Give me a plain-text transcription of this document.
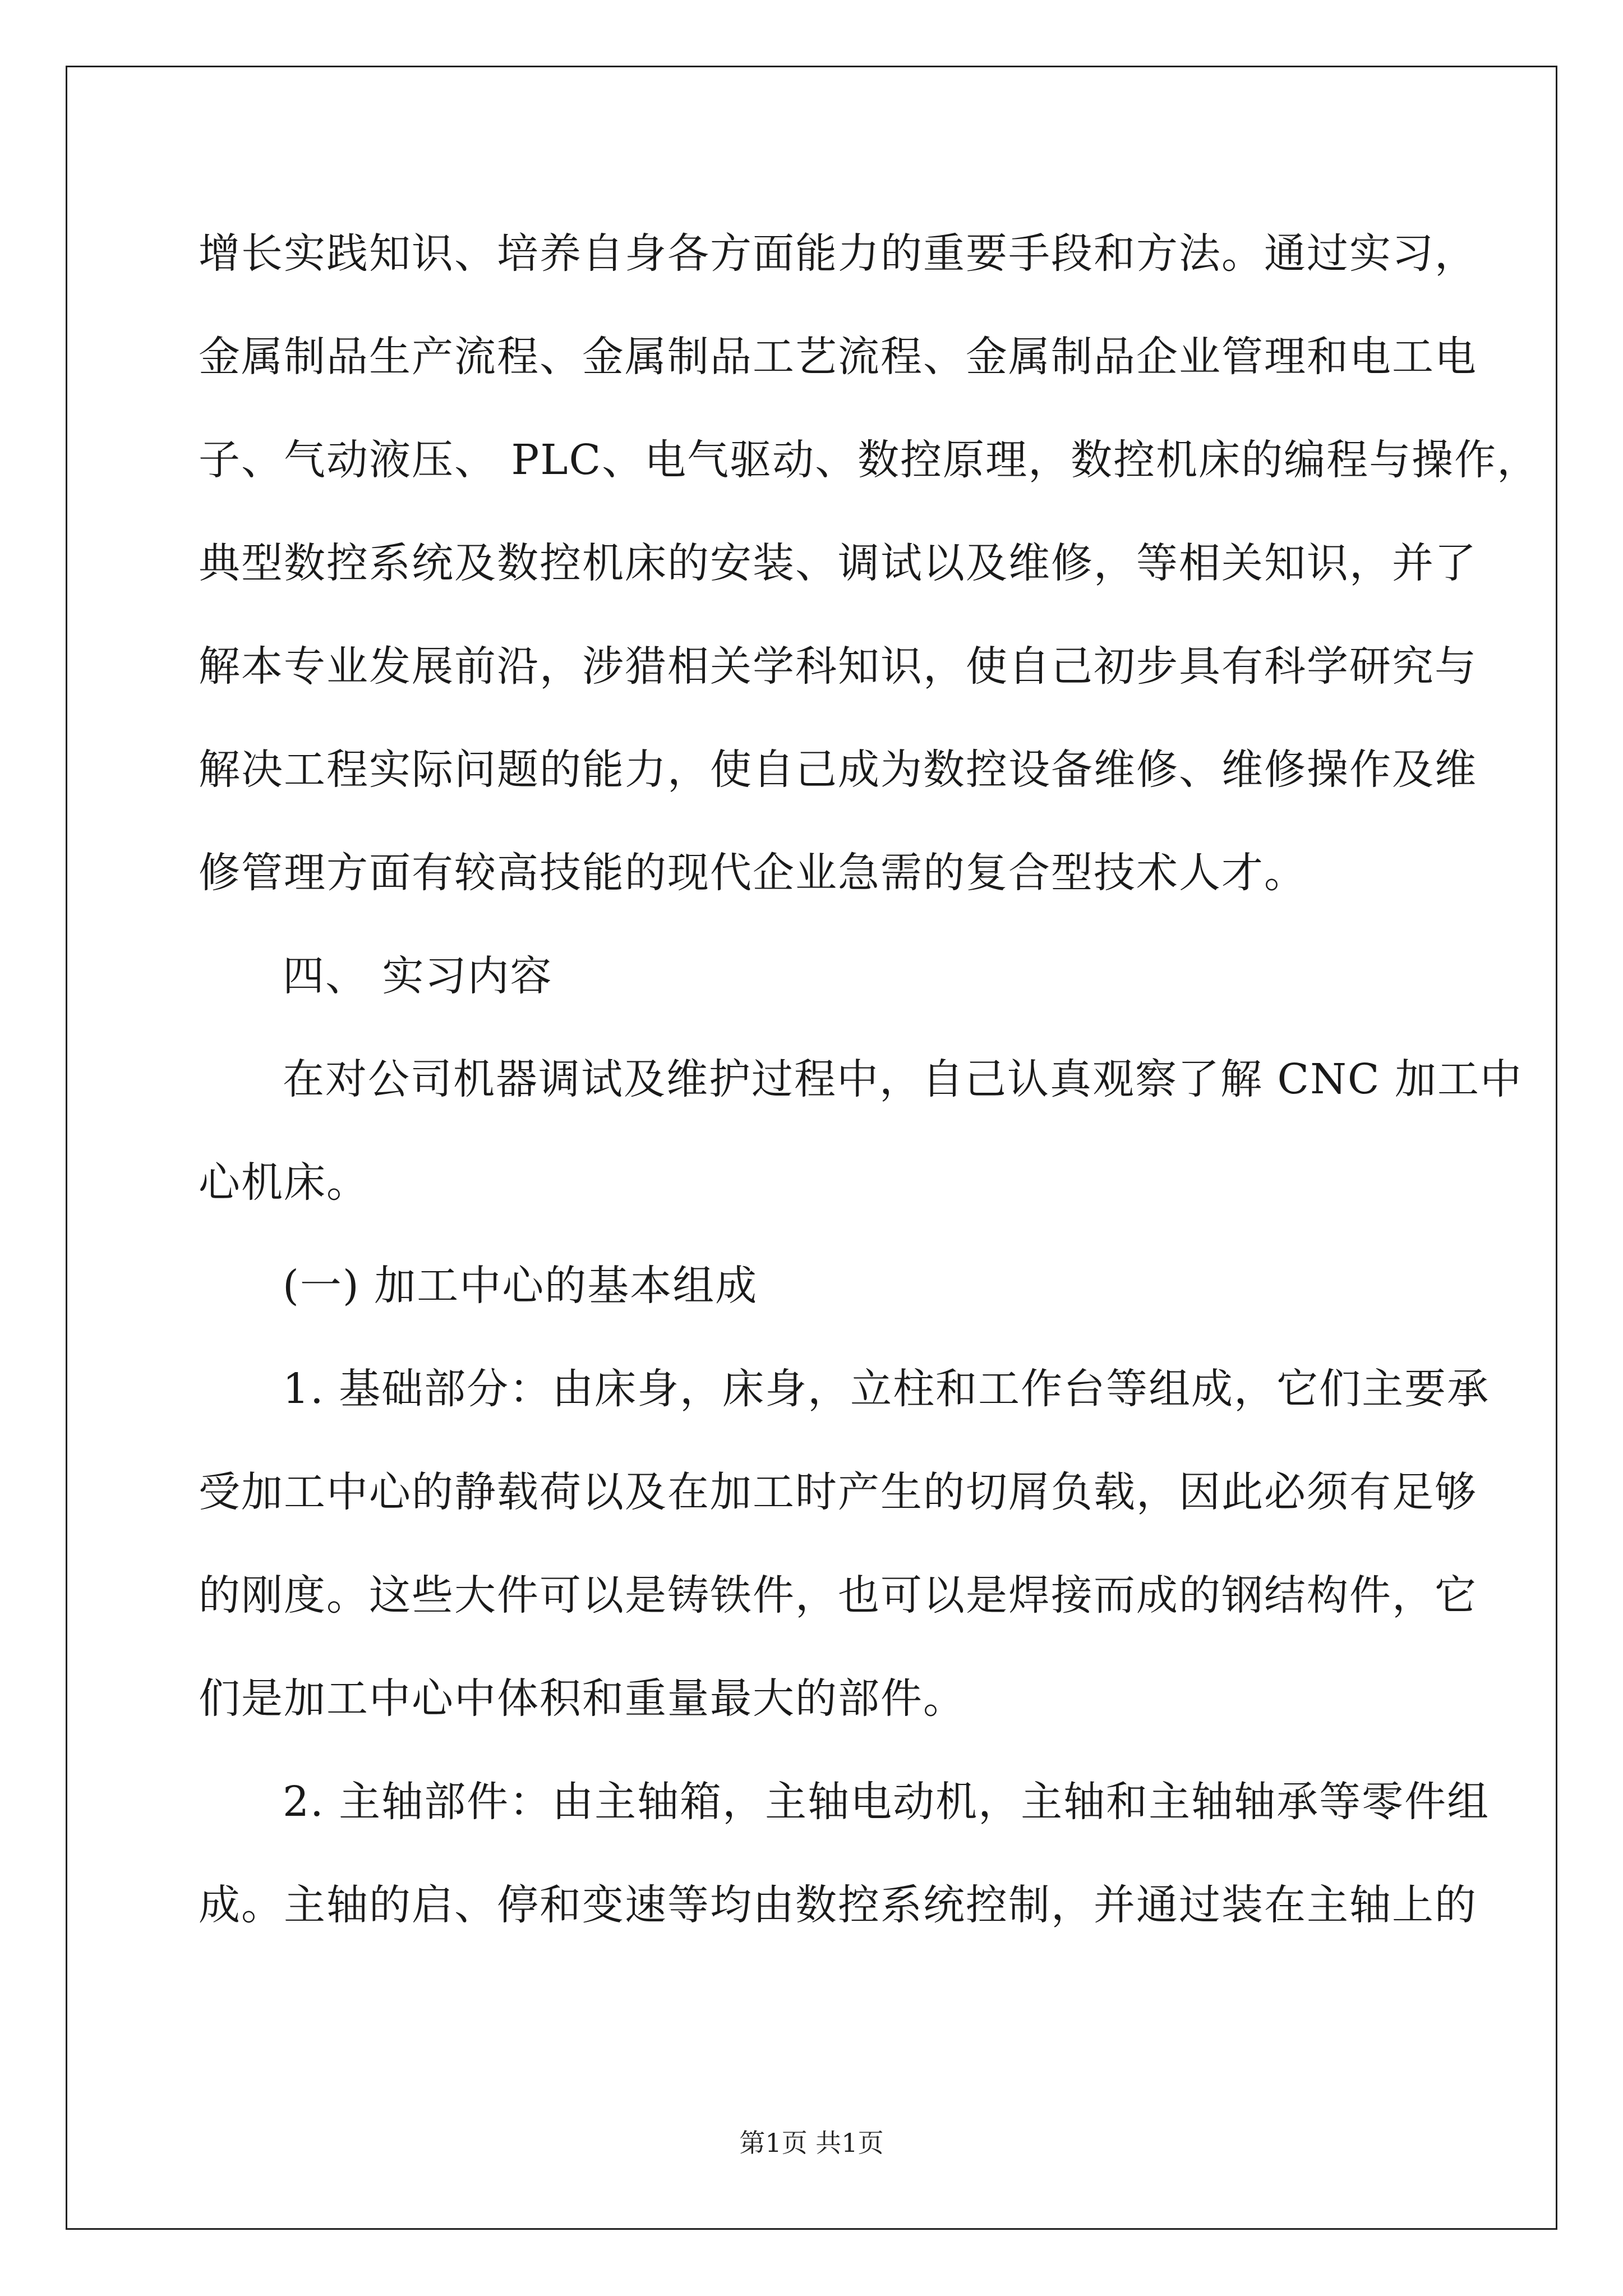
增长实践知识、培养自身各方面能力的重要手段和方法。通过实习，
金属制品生产流程、金属制品工艺流程、金属制品企业管理和电工电
子、气动液压、 PLC、电气驱动、数控原理，数控机床的编程与操作，
典型数控系统及数控机床的安装、调试以及维修，等相关知识，并了
解本专业发展前沿，涉猎相关学科知识，使自己初步具有科学研究与
解决工程实际问题的能力，使自己成为数控设备维修、维修操作及维
修管理方面有较高技能的现代企业急需的复合型技术人才。
四、 实习内容
在对公司机器调试及维护过程中，自己认真观察了解 CNC 加工中
心机床。
(一) 加工中心的基本组成
1. 基础部分：由床身，床身，立柱和工作台等组成，它们主要承
受加工中心的静载荷以及在加工时产生的切屑负载，因此必须有足够
的刚度。这些大件可以是铸铁件，也可以是焊接而成的钢结构件，它
们是加工中心中体积和重量最大的部件。
2. 主轴部件：由主轴箱，主轴电动机，主轴和主轴轴承等零件组
成。主轴的启、停和变速等均由数控系统控制，并通过装在主轴上的
第1页 共1页
